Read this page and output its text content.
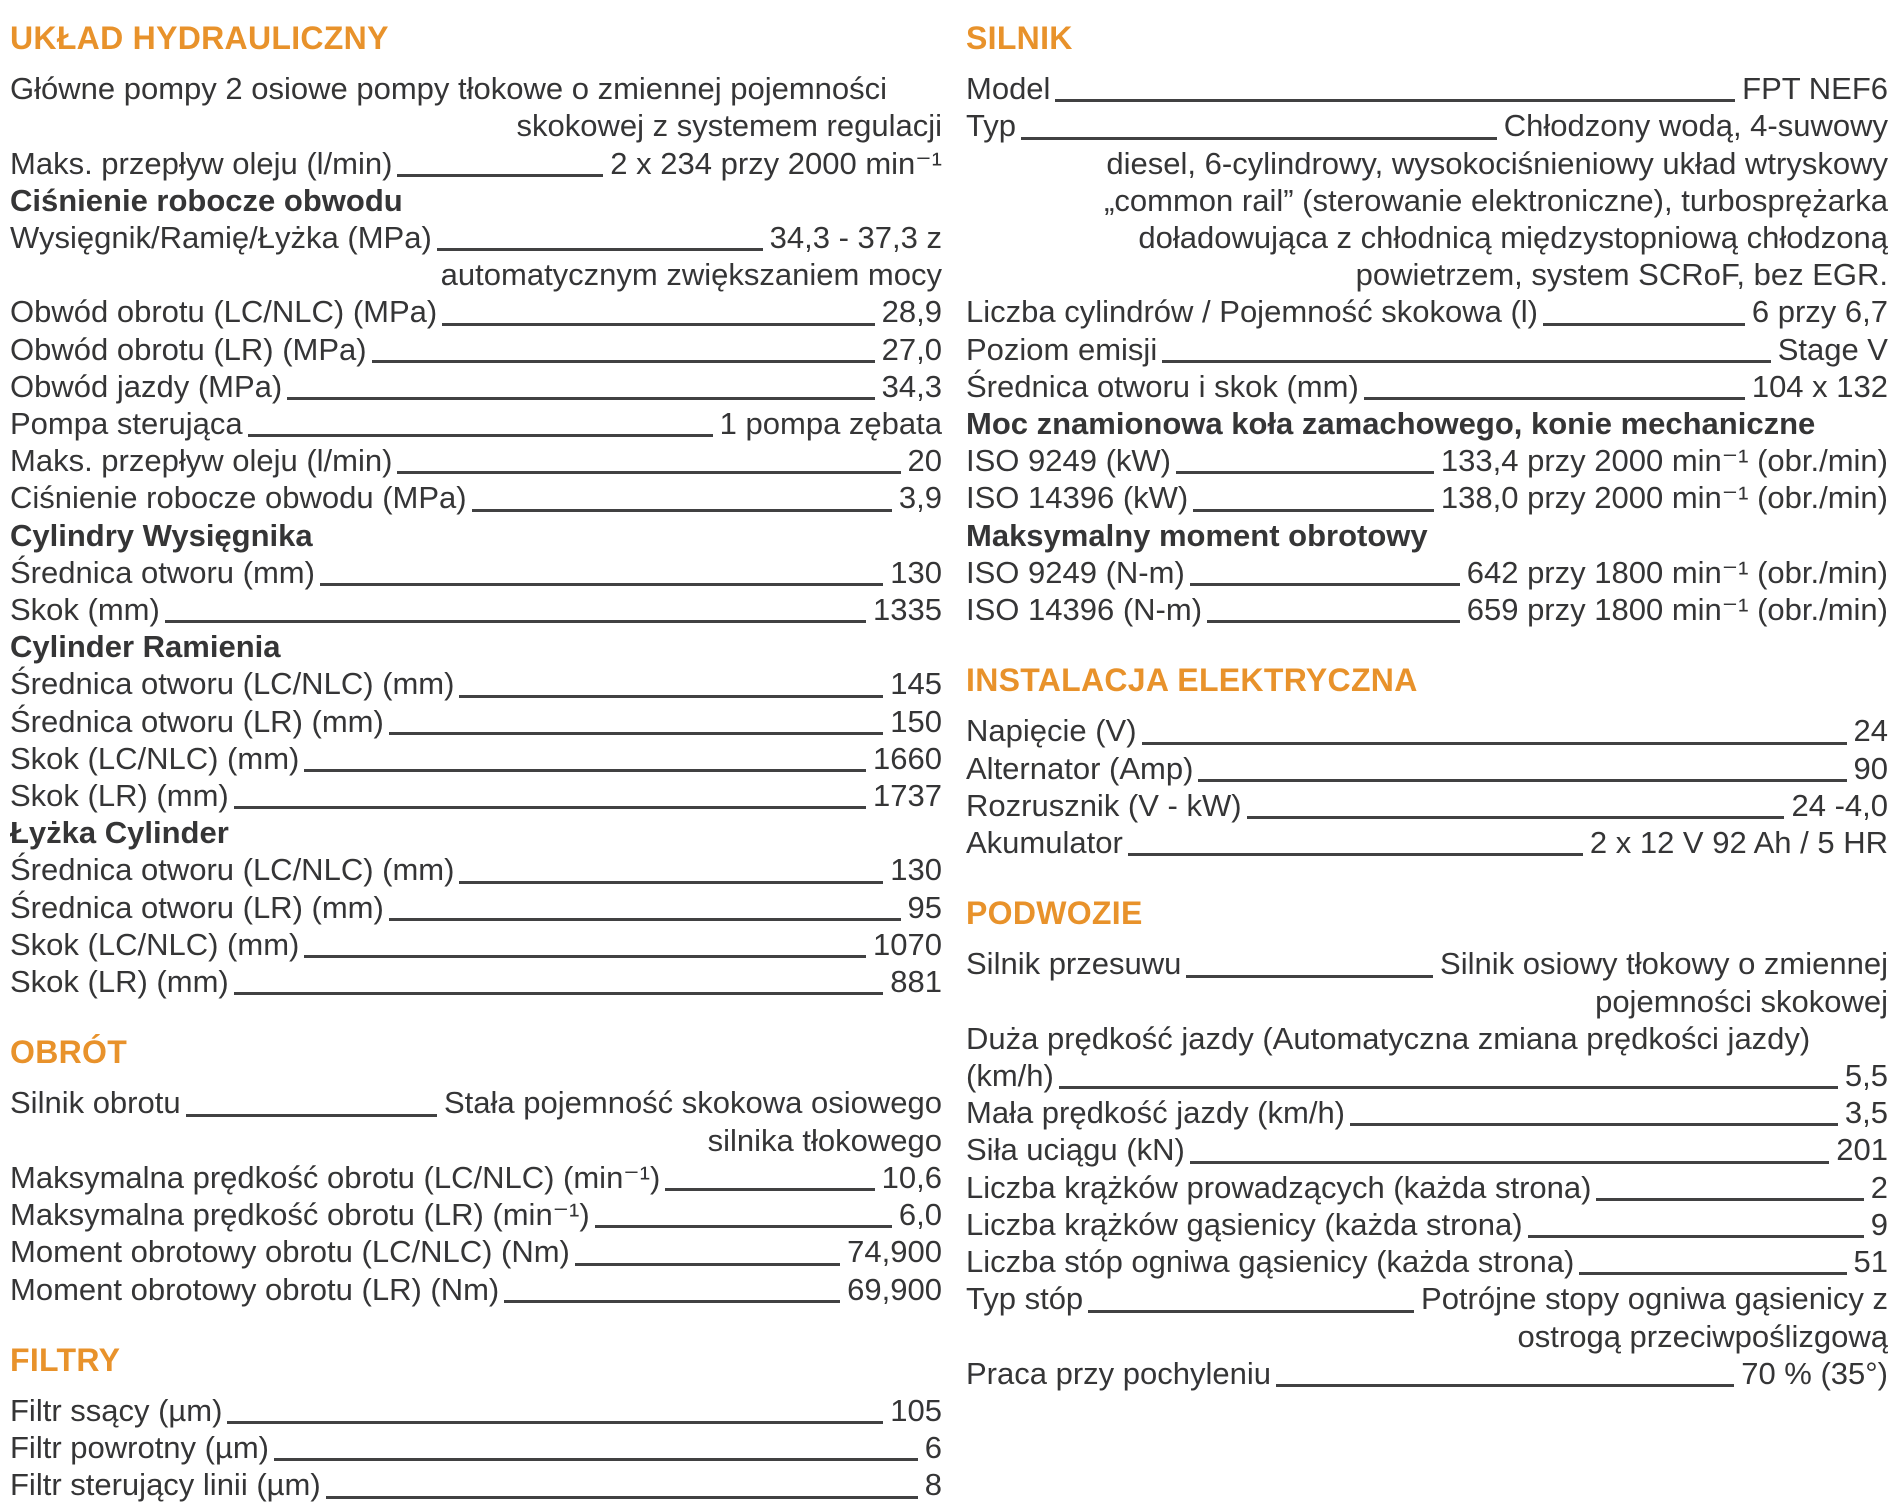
UKŁAD HYDRAULICZNY
Główne pompy 2 osiowe pompy tłokowe o zmiennej pojemności
skokowej z systemem regulacji
Maks. przepływ oleju (l/min)	2 x 234 przy 2000 min⁻¹
Ciśnienie robocze obwodu
Wysięgnik/Ramię/Łyżka (MPa)	34,3 - 37,3 z
automatycznym zwiększaniem mocy
Obwód obrotu (LC/NLC) (MPa)	28,9
Obwód obrotu (LR) (MPa)	27,0
Obwód jazdy (MPa)	34,3
Pompa sterująca	1 pompa zębata
Maks. przepływ oleju (l/min)	20
Ciśnienie robocze obwodu (MPa)	3,9
Cylindry Wysięgnika
Średnica otworu (mm)	130
Skok (mm)	1335
Cylinder Ramienia
Średnica otworu (LC/NLC) (mm)	145
Średnica otworu (LR) (mm)	150
Skok (LC/NLC) (mm)	1660
Skok (LR) (mm)	1737
Łyżka Cylinder
Średnica otworu (LC/NLC) (mm)	130
Średnica otworu (LR) (mm)	95
Skok (LC/NLC) (mm)	1070
Skok (LR) (mm)	881
OBRÓT
Silnik obrotu	Stała pojemność skokowa osiowego
silnika tłokowego
Maksymalna prędkość obrotu (LC/NLC) (min⁻¹)	10,6
Maksymalna prędkość obrotu (LR) (min⁻¹)	6,0
Moment obrotowy obrotu (LC/NLC) (Nm)	74,900
Moment obrotowy obrotu (LR) (Nm)	69,900
FILTRY
Filtr ssący (µm)	105
Filtr powrotny (µm)	6
Filtr sterujący linii (µm)	8
SILNIK
Model	FPT NEF6
Typ	Chłodzony wodą, 4-suwowy
diesel, 6-cylindrowy, wysokociśnieniowy układ wtryskowy
„common rail” (sterowanie elektroniczne), turbosprężarka
doładowująca z chłodnicą międzystopniową chłodzoną
powietrzem, system SCRoF, bez EGR.
Liczba cylindrów / Pojemność skokowa (l)	6 przy 6,7
Poziom emisji	Stage V
Średnica otworu i skok (mm)	104 x 132
Moc znamionowa koła zamachowego, konie mechaniczne
ISO 9249 (kW)	133,4 przy 2000 min⁻¹ (obr./min)
ISO 14396 (kW)	138,0 przy 2000 min⁻¹ (obr./min)
Maksymalny moment obrotowy
ISO 9249 (N-m)	642 przy 1800 min⁻¹ (obr./min)
ISO 14396 (N-m)	659 przy 1800 min⁻¹ (obr./min)
INSTALACJA ELEKTRYCZNA
Napięcie (V)	24
Alternator (Amp)	90
Rozrusznik (V - kW)	24 -4,0
Akumulator	2 x 12 V 92 Ah / 5 HR
PODWOZIE
Silnik przesuwu	Silnik osiowy tłokowy o zmiennej
pojemności skokowej
Duża prędkość jazdy (Automatyczna zmiana prędkości jazdy)
(km/h)	5,5
Mała prędkość jazdy (km/h)	3,5
Siła uciągu (kN)	201
Liczba krążków prowadzących (każda strona)	2
Liczba krążków gąsienicy (każda strona)	9
Liczba stóp ogniwa gąsienicy (każda strona)	51
Typ stóp	Potrójne stopy ogniwa gąsienicy z
ostrogą przeciwpoślizgową
Praca przy pochyleniu	70 % (35°)
